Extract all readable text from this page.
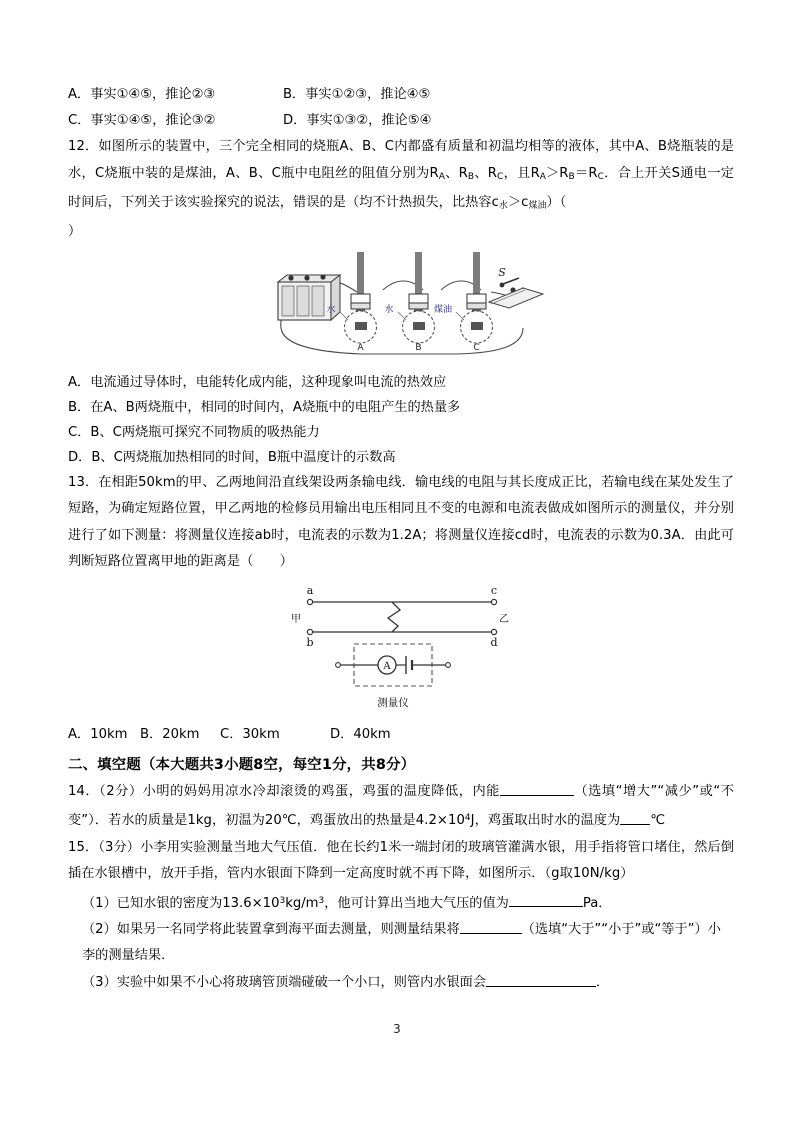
A．事实①④⑤，推论②③	B．事实①②③，推论④⑤
C．事实①④⑤，推论③②	D．事实①③②，推论⑤④
12．如图所示的装置中，三个完全相同的烧瓶A、B、C内都盛有质量和初温均相等的液体，其中A、B烧瓶装的是水，C烧瓶中装的是煤油，A、B、C瓶中电阻丝的阻值分别为$R_A$、$R_B$、$R_C$，且$R_A>R_B=R_C$．合上开关S通电一定时间后，下列关于该实验探究的说法，错误的是（均不计热损失，比热容$c_水>c_{煤油}$）（
）
A	B	C
水	水	煤油
S
A．电流通过导体时，电能转化成内能，这种现象叫电流的热效应
B．在A、B两烧瓶中，相同的时间内，A烧瓶中的电阻产生的热量多
C．B、C两烧瓶可探究不同物质的吸热能力
D．B、C两烧瓶加热相同的时间，B瓶中温度计的示数高
13．在相距50km的甲、乙两地间沿直线架设两条输电线．输电线的电阻与其长度成正比，若输电线在某处发生了短路，为确定短路位置，甲乙两地的检修员用输出电压相同且不变的电源和电流表做成如图所示的测量仪，并分别进行了如下测量：将测量仪连接ab时，电流表的示数为1.2A；将测量仪连接cd时，电流表的示数为0.3A．由此可判断短路位置离甲地的距离是（　　）
a
b
c
d
甲	乙
A
测量仪
A．10km B．20km C．30km	D．40km
二、填空题（本大题共3小题8空，每空1分，共8分）
14．（2分）小明的妈妈用凉水冷却滚烫的鸡蛋，鸡蛋的温度降低，内能	（选填“增大”“减少”或“不变”）．若水的质量是1kg，初温为20℃，鸡蛋放出的热量是$4.2\times 10^4J$，鸡蛋取出时水的温度为 ℃
15．（3分）小李用实验测量当地大气压值．他在长约1米一端封闭的玻璃管灌满水银，用手指将管口堵住，然后倒插在水银槽中，放开手指，管内水银面下降到一定高度时就不再下降，如图所示．（g取10N/kg）
（1）已知水银的密度为$13.6\times 10^3kg/m^3$，他可计算出当地大气压的值为	Pa．
（2）如果另一名同学将此装置拿到海平面去测量，则测量结果将	（选填“大于”“小于”或“等于”）小李的测量结果．
（3）实验中如果不小心将玻璃管顶端碰破一个小口，则管内水银面会	．
3
